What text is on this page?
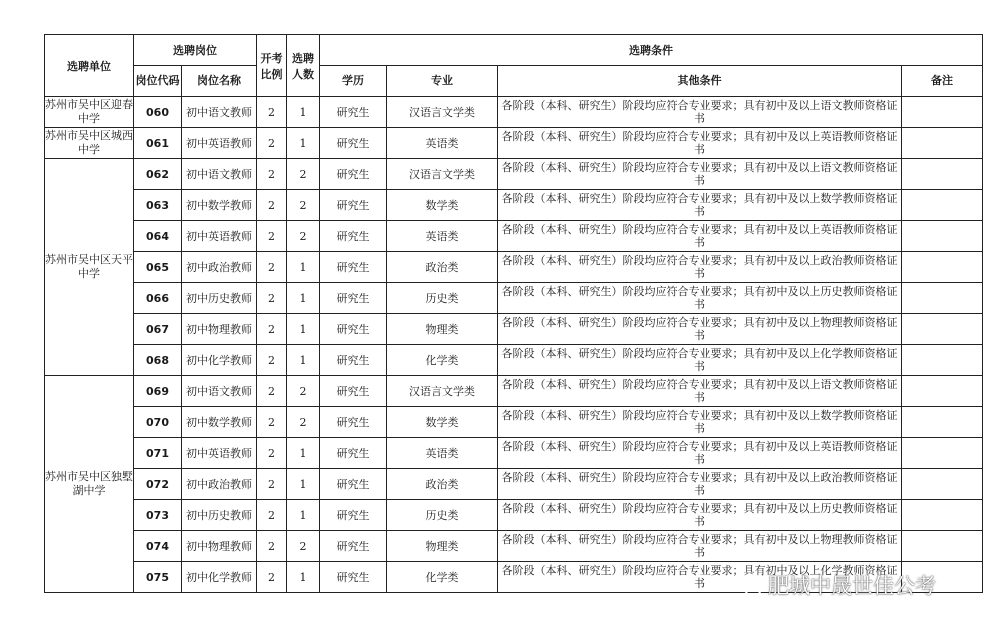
选聘单位	选聘岗位		开考比例	选聘人数	选聘条件			
	岗位代码	岗位名称			学历	专业	其他条件	备注
苏州市吴中区迎春中学	060	初中语文教师	2	1	研究生	汉语言文学类	各阶段（本科、研究生）阶段均应符合专业要求；具有初中及以上语文教师资格证书	
苏州市吴中区城西中学	061	初中英语教师	2	1	研究生	英语类	各阶段（本科、研究生）阶段均应符合专业要求；具有初中及以上英语教师资格证书	
苏州市吴中区天平中学	062	初中语文教师	2	2	研究生	汉语言文学类	各阶段（本科、研究生）阶段均应符合专业要求；具有初中及以上语文教师资格证书	
	063	初中数学教师	2	2	研究生	数学类	各阶段（本科、研究生）阶段均应符合专业要求；具有初中及以上数学教师资格证书	
	064	初中英语教师	2	2	研究生	英语类	各阶段（本科、研究生）阶段均应符合专业要求；具有初中及以上英语教师资格证书	
	065	初中政治教师	2	1	研究生	政治类	各阶段（本科、研究生）阶段均应符合专业要求；具有初中及以上政治教师资格证书	
	066	初中历史教师	2	1	研究生	历史类	各阶段（本科、研究生）阶段均应符合专业要求；具有初中及以上历史教师资格证书	
	067	初中物理教师	2	1	研究生	物理类	各阶段（本科、研究生）阶段均应符合专业要求；具有初中及以上物理教师资格证书	
	068	初中化学教师	2	1	研究生	化学类	各阶段（本科、研究生）阶段均应符合专业要求；具有初中及以上化学教师资格证书	
苏州市吴中区独墅湖中学	069	初中语文教师	2	2	研究生	汉语言文学类	各阶段（本科、研究生）阶段均应符合专业要求；具有初中及以上语文教师资格证书	
	070	初中数学教师	2	2	研究生	数学类	各阶段（本科、研究生）阶段均应符合专业要求；具有初中及以上数学教师资格证书	
	071	初中英语教师	2	1	研究生	英语类	各阶段（本科、研究生）阶段均应符合专业要求；具有初中及以上英语教师资格证书	
	072	初中政治教师	2	1	研究生	政治类	各阶段（本科、研究生）阶段均应符合专业要求；具有初中及以上政治教师资格证书	
	073	初中历史教师	2	1	研究生	历史类	各阶段（本科、研究生）阶段均应符合专业要求；具有初中及以上历史教师资格证书	
	074	初中物理教师	2	2	研究生	物理类	各阶段（本科、研究生）阶段均应符合专业要求；具有初中及以上物理教师资格证书	
	075	初中化学教师	2	1	研究生	化学类	各阶段（本科、研究生）阶段均应符合专业要求；具有初中及以上化学教师资格证书		肥城中晟世佳公考
